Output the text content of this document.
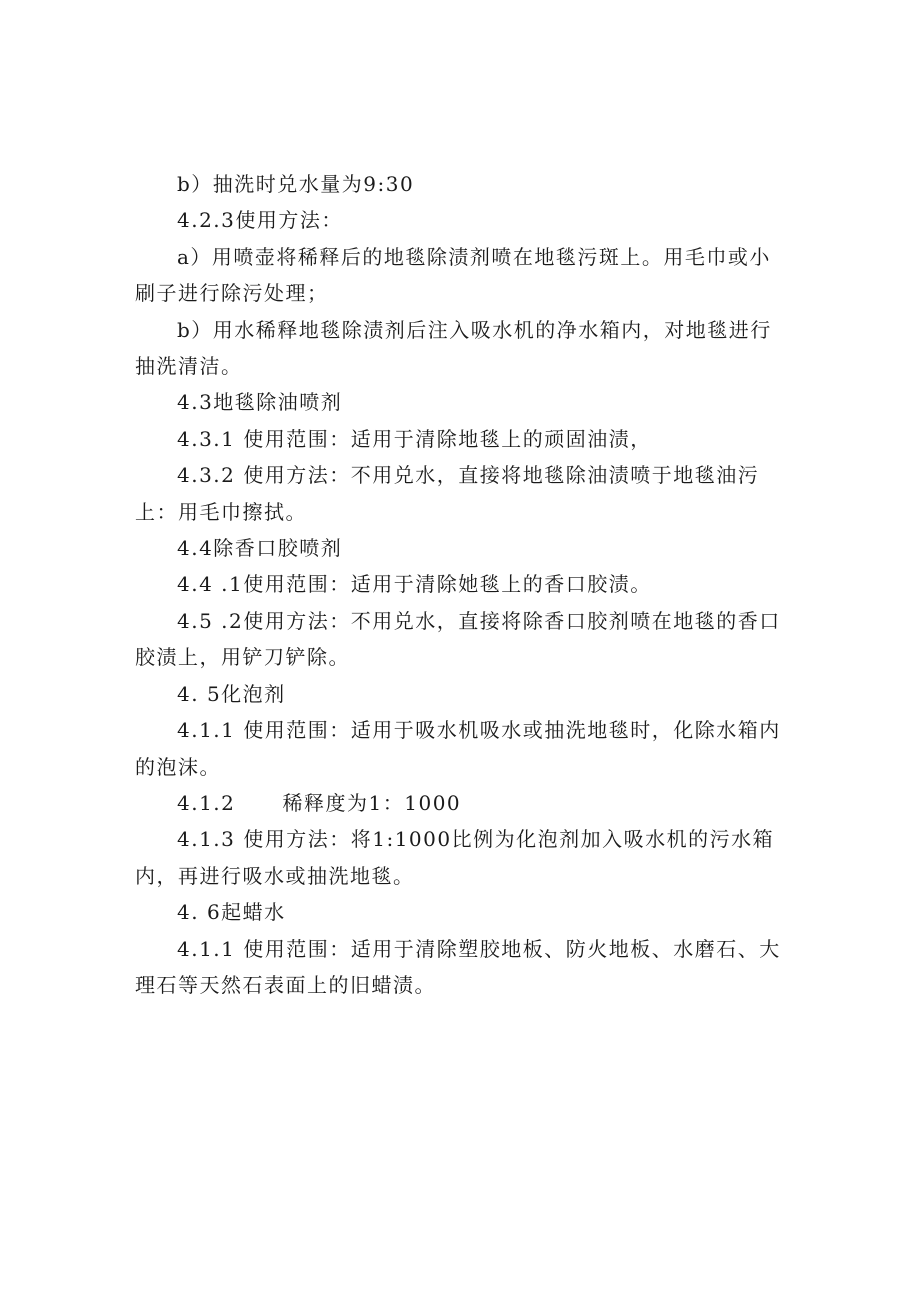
b）抽洗时兑水量为9:30

4.2.3使用方法：

a）用喷壶将稀释后的地毯除渍剂喷在地毯污斑上。用毛巾或小刷子进行除污处理；

b）用水稀释地毯除渍剂后注入吸水机的净水箱内，对地毯进行抽洗清洁。

4.3地毯除油喷剂

4.3.1 使用范围：适用于清除地毯上的顽固油渍，

4.3.2 使用方法：不用兑水，直接将地毯除油渍喷于地毯油污上：用毛巾擦拭。

4.4除香口胶喷剂

4.4 .1使用范围：适用于清除她毯上的香口胶渍。

4.5 .2使用方法：不用兑水，直接将除香口胶剂喷在地毯的香口胶渍上，用铲刀铲除。

4. 5化泡剂

4.1.1 使用范围：适用于吸水机吸水或抽洗地毯时，化除水箱内的泡沫。

4.1.2      稀释度为1：1000

4.1.3 使用方法：将1:1000比例为化泡剂加入吸水机的污水箱内，再进行吸水或抽洗地毯。

4. 6起蜡水

4.1.1 使用范围：适用于清除塑胶地板、防火地板、水磨石、大理石等天然石表面上的旧蜡渍。
